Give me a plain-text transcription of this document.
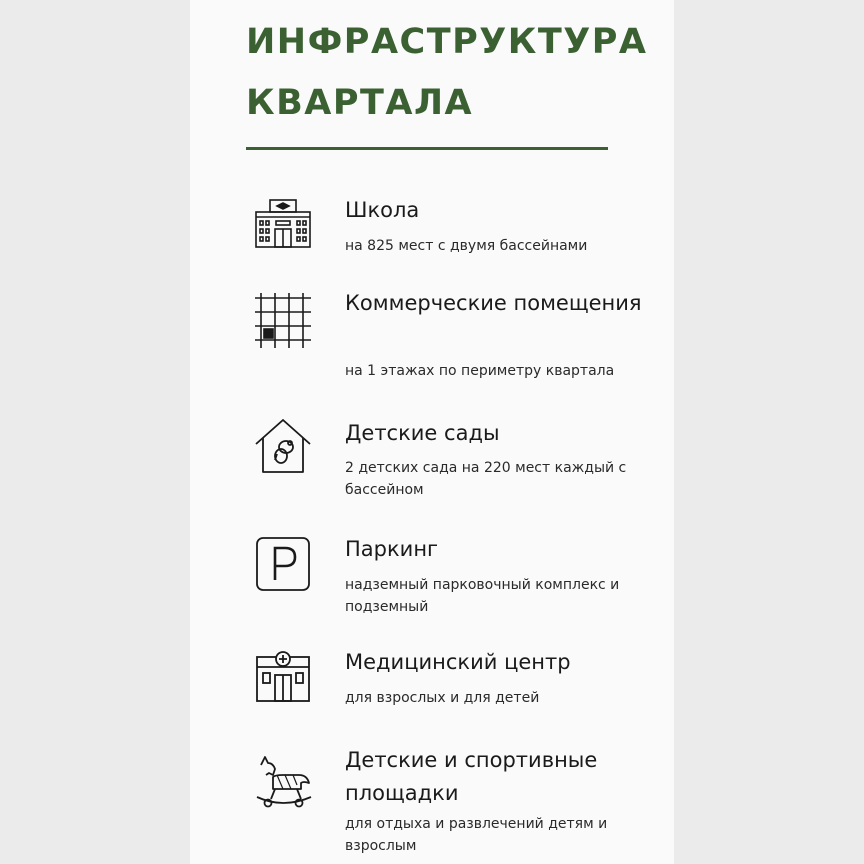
ИНФРАСТРУКТУРА
КВАРТАЛА
Школа

на 825 мест с двумя бассейнами

Коммерческие помещения

на 1 этажах по периметру квартала

Детские сады

2 детских сада на 220 мест каждый с бассейном

Паркинг

надземный парковочный комплекс и подземный

Медицинский центр

для взрослых и для детей

Детские и спортивные площадки

для отдыха и развлечений детям и взрослым
